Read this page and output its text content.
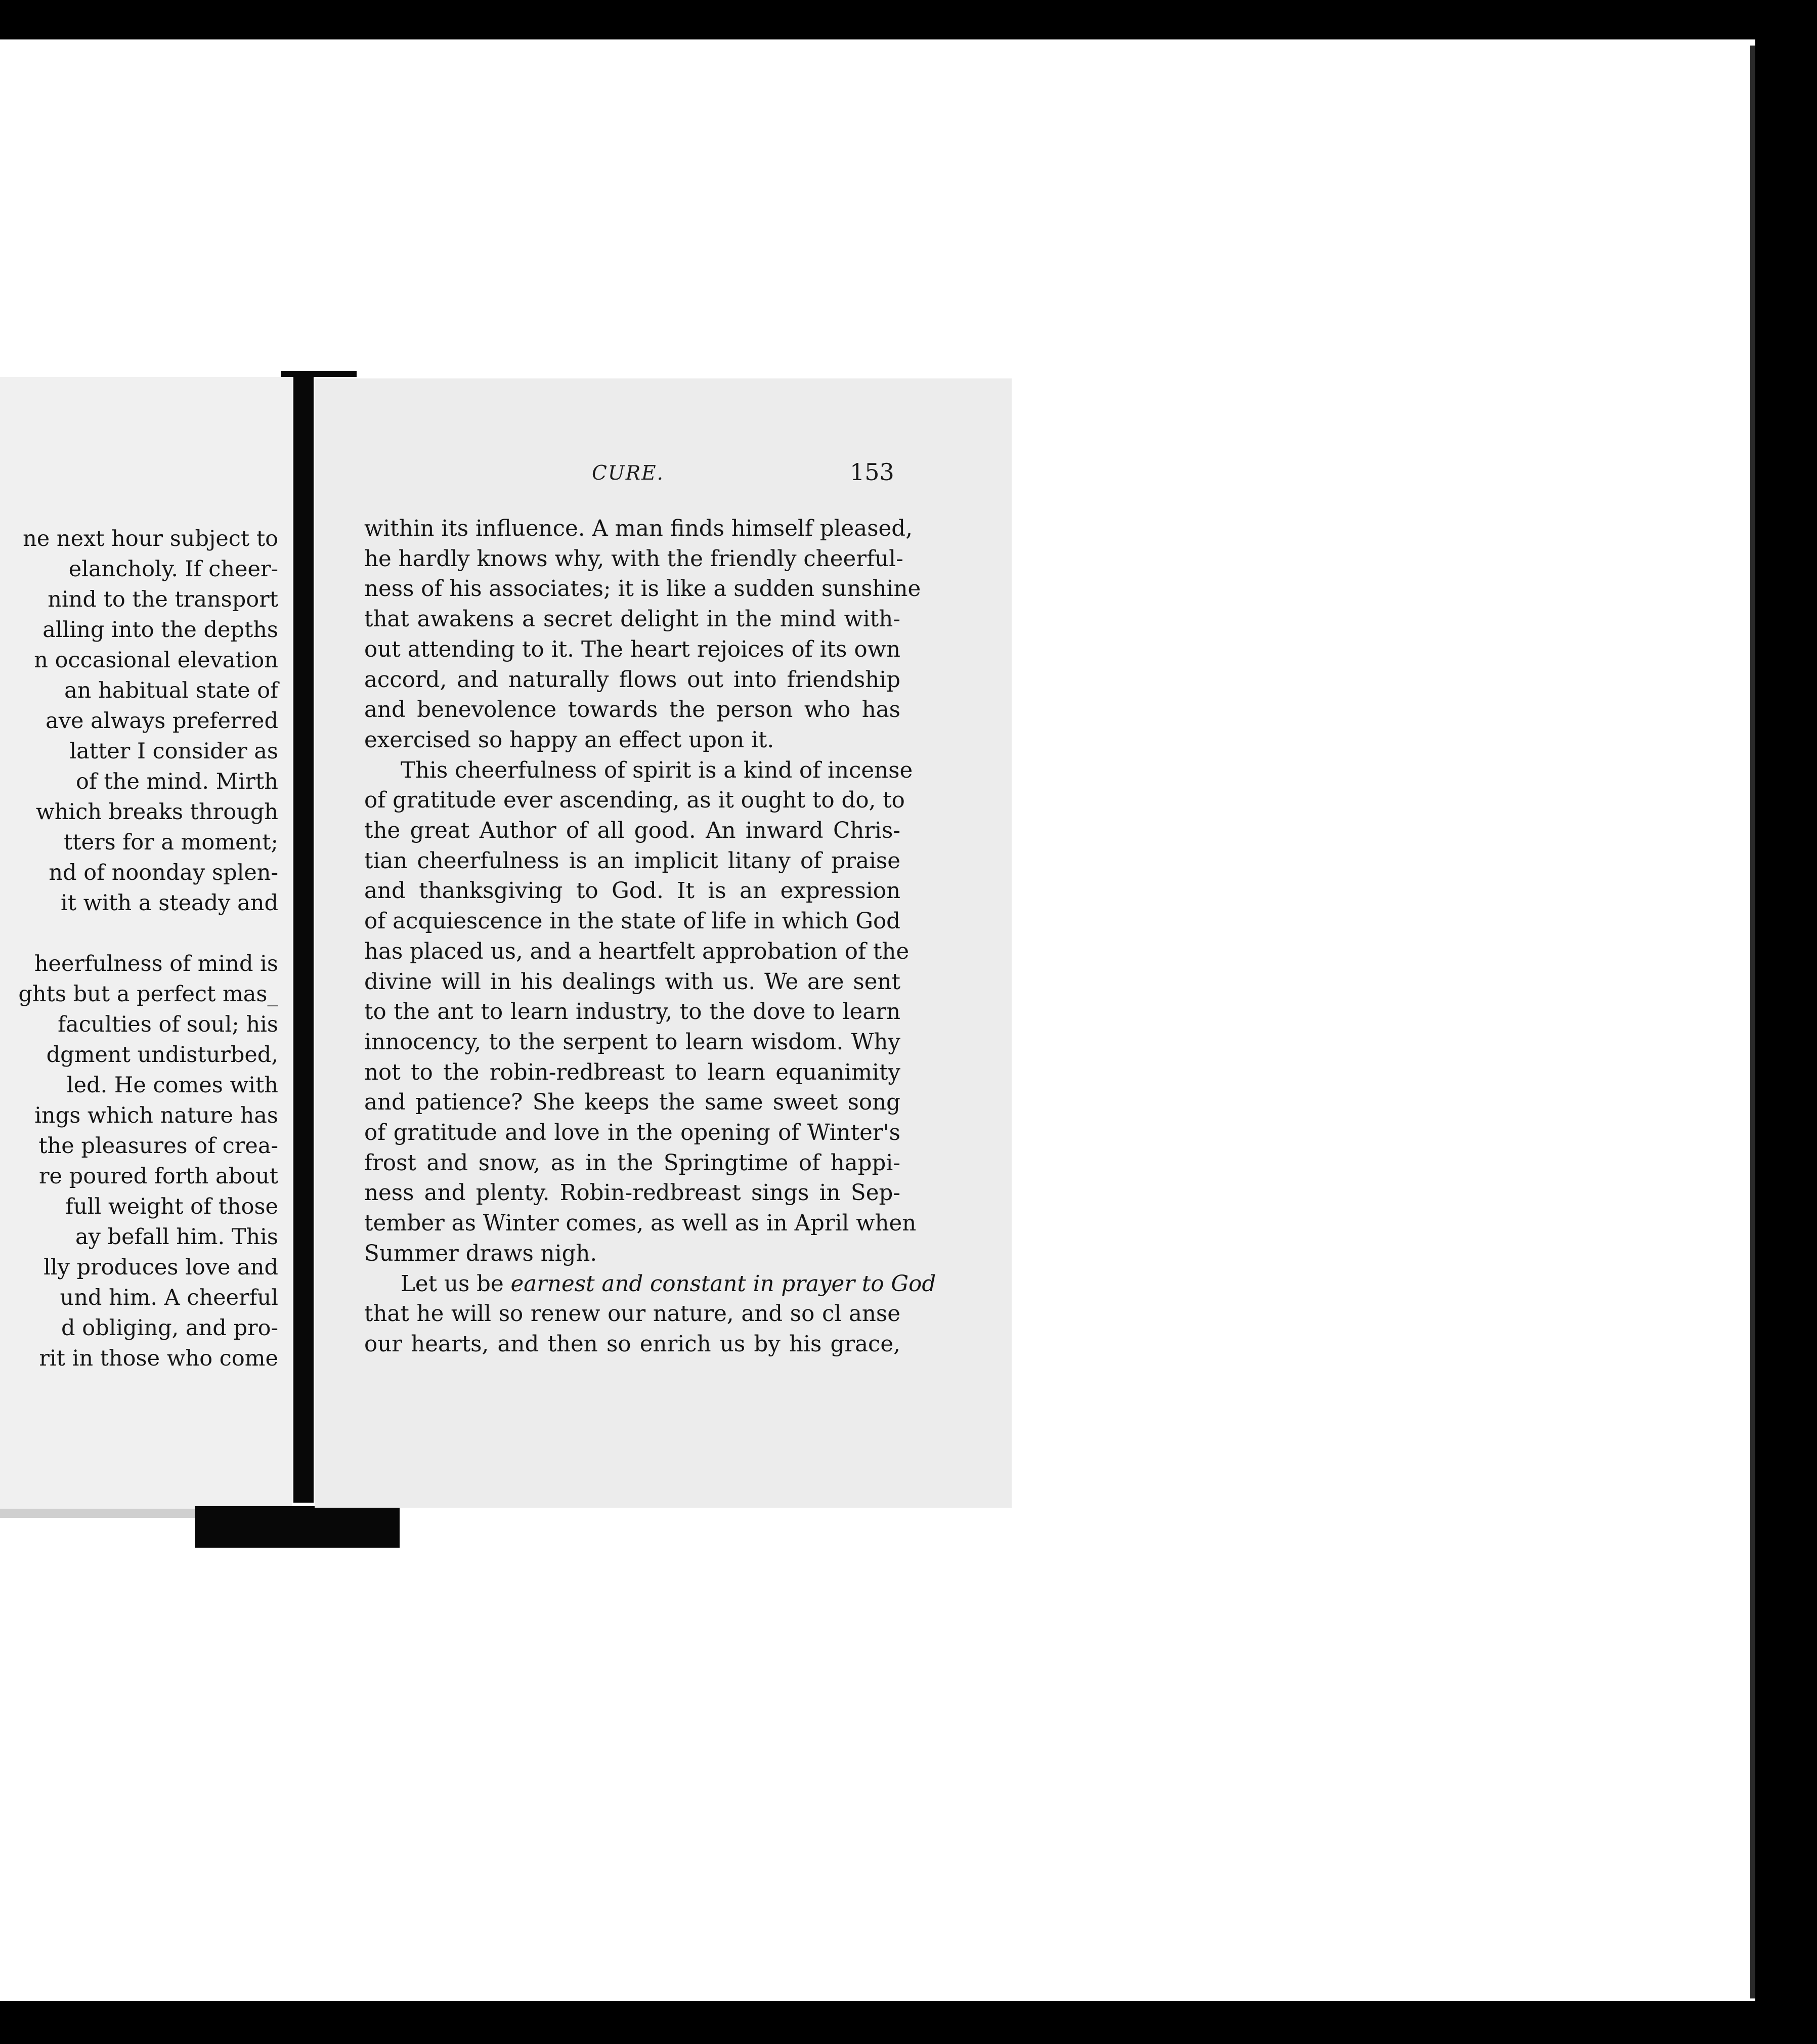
ne next hour subject to
elancholy. If cheer-
nind to the transport
alling into the depths
n occasional elevation
an habitual state of
ave always preferred
latter I consider as
of the mind. Mirth
which breaks through
tters for a moment;
nd of noonday splen-
it with a steady and

heerfulness of mind is
ghts but a perfect mas_
faculties of soul; his
dgment undisturbed,
led. He comes with
ings which nature has
the pleasures of crea-
re poured forth about
full weight of those
ay befall him. This
lly produces love and
und him. A cheerful
d obliging, and pro-
rit in those who come
CURE.	153
within its influence. A man finds himself pleased,
he hardly knows why, with the friendly cheerful-
ness of his associates; it is like a sudden sunshine
that awakens a secret delight in the mind with-
out attending to it. The heart rejoices of its own
accord, and naturally flows out into friendship
and benevolence towards the person who has
exercised so happy an effect upon it.
This cheerfulness of spirit is a kind of incense
of gratitude ever ascending, as it ought to do, to
the great Author of all good. An inward Chris-
tian cheerfulness is an implicit litany of praise
and thanksgiving to God. It is an expression
of acquiescence in the state of life in which God
has placed us, and a heartfelt approbation of the
divine will in his dealings with us. We are sent
to the ant to learn industry, to the dove to learn
innocency, to the serpent to learn wisdom. Why
not to the robin-redbreast to learn equanimity
and patience? She keeps the same sweet song
of gratitude and love in the opening of Winter's
frost and snow, as in the Springtime of happi-
ness and plenty. Robin-redbreast sings in Sep-
tember as Winter comes, as well as in April when
Summer draws nigh.
Let us be earnest and constant in prayer to God
that he will so renew our nature, and so cl anse
our hearts, and then so enrich us by his grace,
